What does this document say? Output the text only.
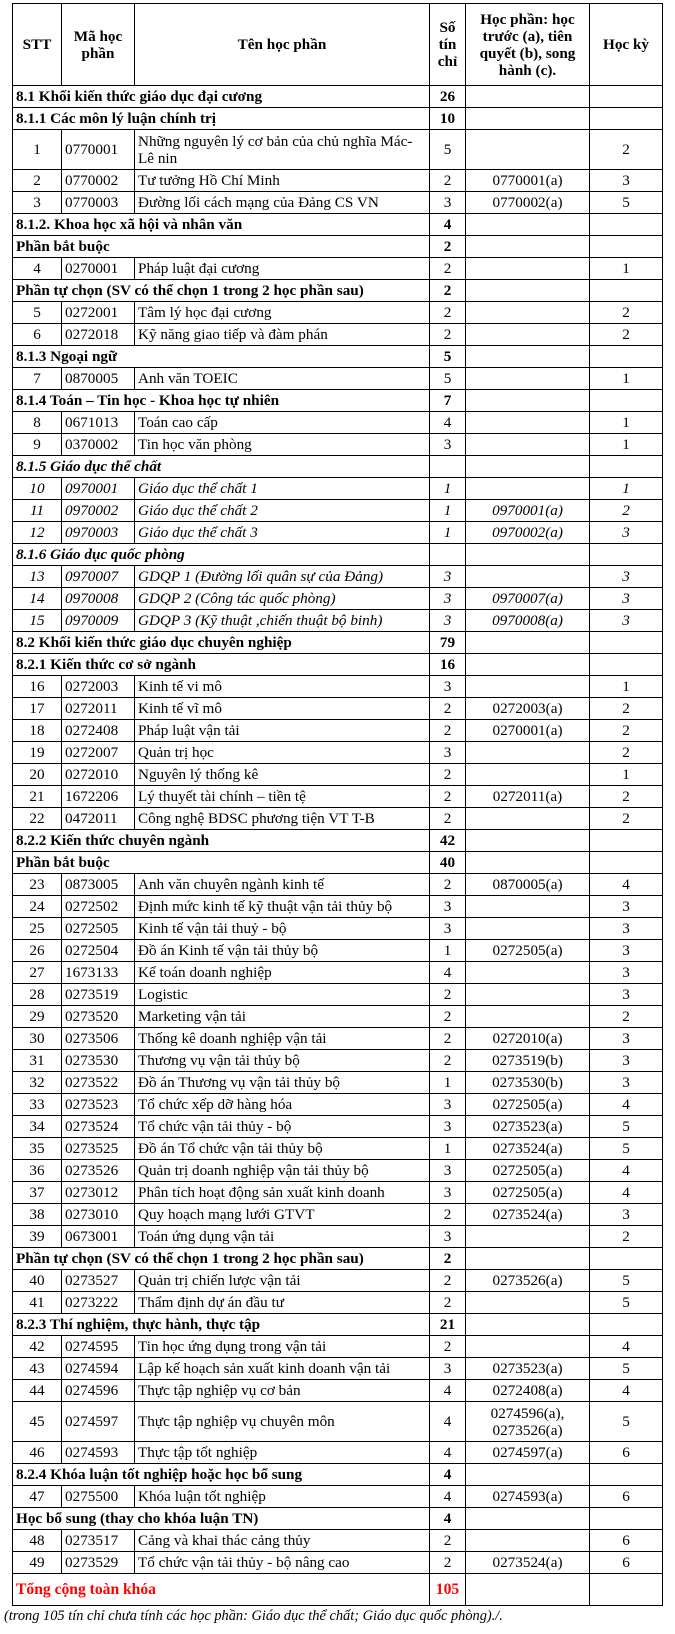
STT	Mã học phần	Tên học phần	Số tín chỉ	Học phần: học trước (a), tiên quyết (b), song hành (c).	Học kỳ
8.1 Khối kiến thức giáo dục đại cương			26		
8.1.1 Các môn lý luận chính trị			10		
1	0770001	Những nguyên lý cơ bản của chủ nghĩa Mác-Lê nin	5		2
2	0770002	Tư tưởng Hồ Chí Minh	2	0770001(a)	3
3	0770003	Đường lối cách mạng của Đảng CS VN	3	0770002(a)	5
8.1.2. Khoa học xã hội và nhân văn			4		
Phần bắt buộc			2		
4	0270001	Pháp luật đại cương	2		1
Phần tự chọn (SV có thể chọn 1 trong 2 học phần sau)			2		
5	0272001	Tâm lý học đại cương	2		2
6	0272018	Kỹ năng giao tiếp và đàm phán	2		2
8.1.3 Ngoại ngữ			5		
7	0870005	Anh văn TOEIC	5		1
8.1.4 Toán – Tin học - Khoa học tự nhiên			7		
8	0671013	Toán cao cấp	4		1
9	0370002	Tin học văn phòng	3		1
8.1.5 Giáo dục thể chất					
10	0970001	Giáo dục thể chất 1	1		1
11	0970002	Giáo dục thể chất 2	1	0970001(a)	2
12	0970003	Giáo dục thể chất 3	1	0970002(a)	3
8.1.6 Giáo dục quốc phòng					
13	0970007	GDQP 1 (Đường lối quân sự của Đảng)	3		3
14	0970008	GDQP 2 (Công tác quốc phòng)	3	0970007(a)	3
15	0970009	GDQP 3 (Kỹ thuật ,chiến thuật bộ binh)	3	0970008(a)	3
8.2 Khối kiến thức giáo dục chuyên nghiệp			79		
8.2.1 Kiến thức cơ sở ngành			16		
16	0272003	Kinh tế vi mô	3		1
17	0272011	Kinh tế vĩ mô	2	0272003(a)	2
18	0272408	Pháp luật vận tải	2	0270001(a)	2
19	0272007	Quản trị học	3		2
20	0272010	Nguyên lý thống kê	2		1
21	1672206	Lý thuyết tài chính – tiền tệ	2	0272011(a)	2
22	0472011	Công nghệ BDSC phương tiện VT T-B	2		2
8.2.2 Kiến thức chuyên ngành			42		
Phần bắt buộc			40		
23	0873005	Anh văn chuyên ngành kinh tế	2	0870005(a)	4
24	0272502	Định mức kinh tế kỹ thuật vận tải thủy bộ	3		3
25	0272505	Kinh tế vận tải thuỷ - bộ	3		3
26	0272504	Đồ án Kinh tế vận tải thủy bộ	1	0272505(a)	3
27	1673133	Kế toán doanh nghiệp	4		3
28	0273519	Logistic	2		3
29	0273520	Marketing vận tải	2		2
30	0273506	Thống kê doanh nghiệp vận tải	2	0272010(a)	3
31	0273530	Thương vụ vận tải thủy bộ	2	0273519(b)	3
32	0273522	Đồ án Thương vụ vận tải thủy bộ	1	0273530(b)	3
33	0273523	Tổ chức xếp dỡ hàng hóa	3	0272505(a)	4
34	0273524	Tổ chức vận tải thủy - bộ	3	0273523(a)	5
35	0273525	Đồ án Tổ chức vận tải thủy bộ	1	0273524(a)	5
36	0273526	Quản trị doanh nghiệp vận tải thủy bộ	3	0272505(a)	4
37	0273012	Phân tích hoạt động sản xuất kinh doanh	3	0272505(a)	4
38	0273010	Quy hoạch mạng lưới GTVT	2	0273524(a)	3
39	0673001	Toán ứng dụng vận tải	3		2
Phần tự chọn (SV có thể chọn 1 trong 2 học phần sau)			2		
40	0273527	Quản trị chiến lược vận tải	2	0273526(a)	5
41	0273222	Thẩm định dự án đầu tư	2		5
8.2.3 Thí nghiệm, thực hành, thực tập			21		
42	0274595	Tin học ứng dụng trong vận tải	2		4
43	0274594	Lập kế hoạch sản xuất kinh doanh vận tải	3	0273523(a)	5
44	0274596	Thực tập nghiệp vụ cơ bản	4	0272408(a)	4
45	0274597	Thực tập nghiệp vụ chuyên môn	4	0274596(a), 0273526(a)	5
46	0274593	Thực tập tốt nghiệp	4	0274597(a)	6
8.2.4 Khóa luận tốt nghiệp hoặc học bổ sung			4		
47	0275500	Khóa luận tốt nghiệp	4	0274593(a)	6
Học bổ sung (thay cho khóa luận TN)			4		
48	0273517	Cảng và khai thác cảng thủy	2		6
49	0273529	Tổ chức vận tải thủy - bộ nâng cao	2	0273524(a)	6
Tổng cộng toàn khóa			105		
(trong 105 tín chỉ chưa tính các học phần: Giáo dục thể chất; Giáo dục quốc phòng)./.
